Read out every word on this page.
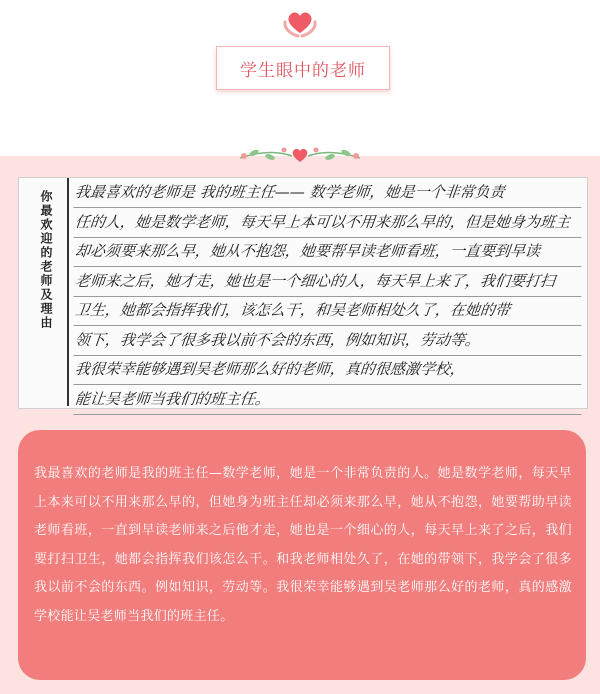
学生眼中的老师
你最欢迎的老师及理由	我最喜欢的老师是 我的班主任—— 数学老师，她是一个非常负责
任的人，她是数学老师，每天早上本可以不用来那么早的，但是她身为班主
却必须要来那么早，她从不抱怨，她要帮早读老师看班，一直要到早读
老师来之后，她才走，她也是一个细心的人，每天早上来了，我们要打扫
卫生，她都会指挥我们，该怎么干，和吴老师相处久了，在她的带
领下，我学会了很多我以前不会的东西，例如知识，劳动等。
我很荣幸能够遇到吴老师那么好的老师，真的很感激学校，
能让吴老师当我们的班主任。
我最喜欢的老师是我的班主任—数学老师，她是一个非常负责的人。她是数学老师，每天早上本来可以不用来那么早的，但她身为班主任却必须来那么早，她从不抱怨，她要帮助早读老师看班，一直到早读老师来之后他才走，她也是一个细心的人，每天早上来了之后，我们要打扫卫生，她都会指挥我们该怎么干。和我老师相处久了，在她的带领下，我学会了很多我以前不会的东西。例如知识，劳动等。我很荣幸能够遇到吴老师那么好的老师，真的感激学校能让吴老师当我们的班主任。
